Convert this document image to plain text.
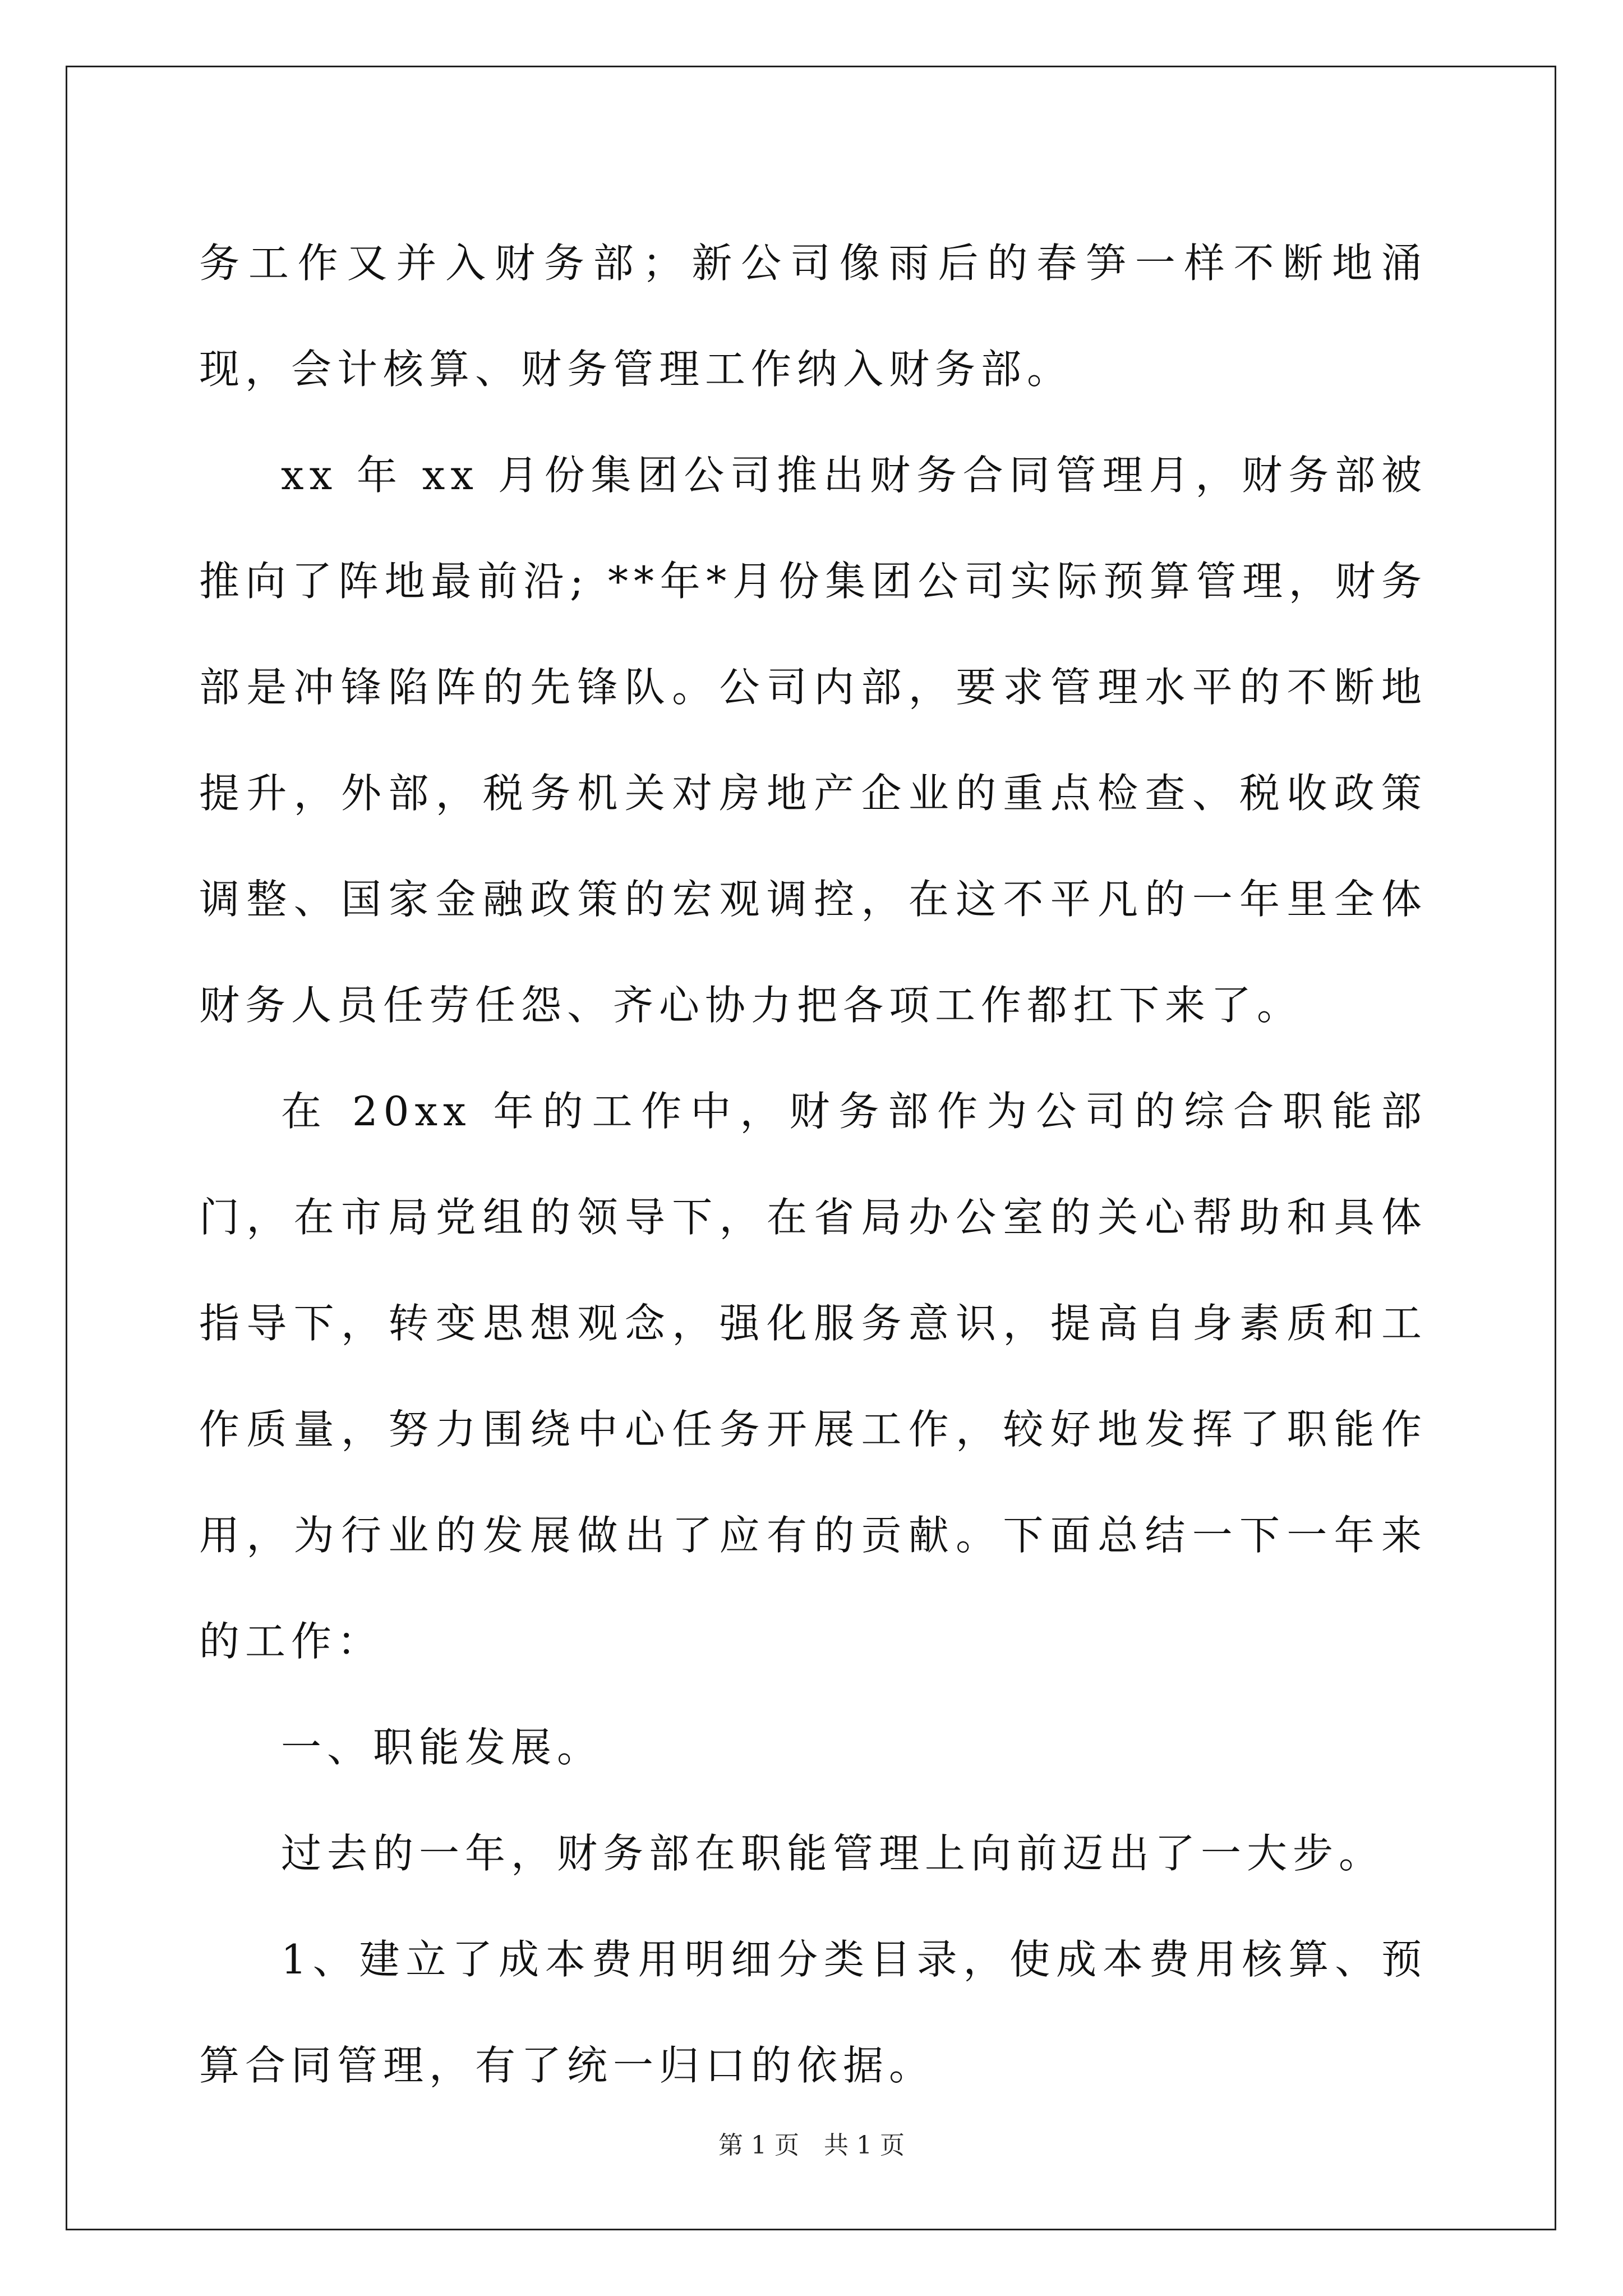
务工作又并入财务部；新公司像雨后的春笋一样不断地涌现，会计核算、财务管理工作纳入财务部。

xx 年 xx 月份集团公司推出财务合同管理月，财务部被推向了阵地最前沿; **年*月份集团公司实际预算管理，财务部是冲锋陷阵的先锋队。公司内部，要求管理水平的不断地提升，外部，税务机关对房地产企业的重点检查、税收政策调整、国家金融政策的宏观调控，在这不平凡的一年里全体财务人员任劳任怨、齐心协力把各项工作都扛下来了。

在 20xx 年的工作中，财务部作为公司的综合职能部门，在市局党组的领导下，在省局办公室的关心帮助和具体指导下，转变思想观念，强化服务意识，提高自身素质和工作质量，努力围绕中心任务开展工作，较好地发挥了职能作用，为行业的发展做出了应有的贡献。下面总结一下一年来的工作：

一、职能发展。

过去的一年，财务部在职能管理上向前迈出了一大步。

1、建立了成本费用明细分类目录，使成本费用核算、预算合同管理，有了统一归口的依据。

第 1 页　共 1 页
